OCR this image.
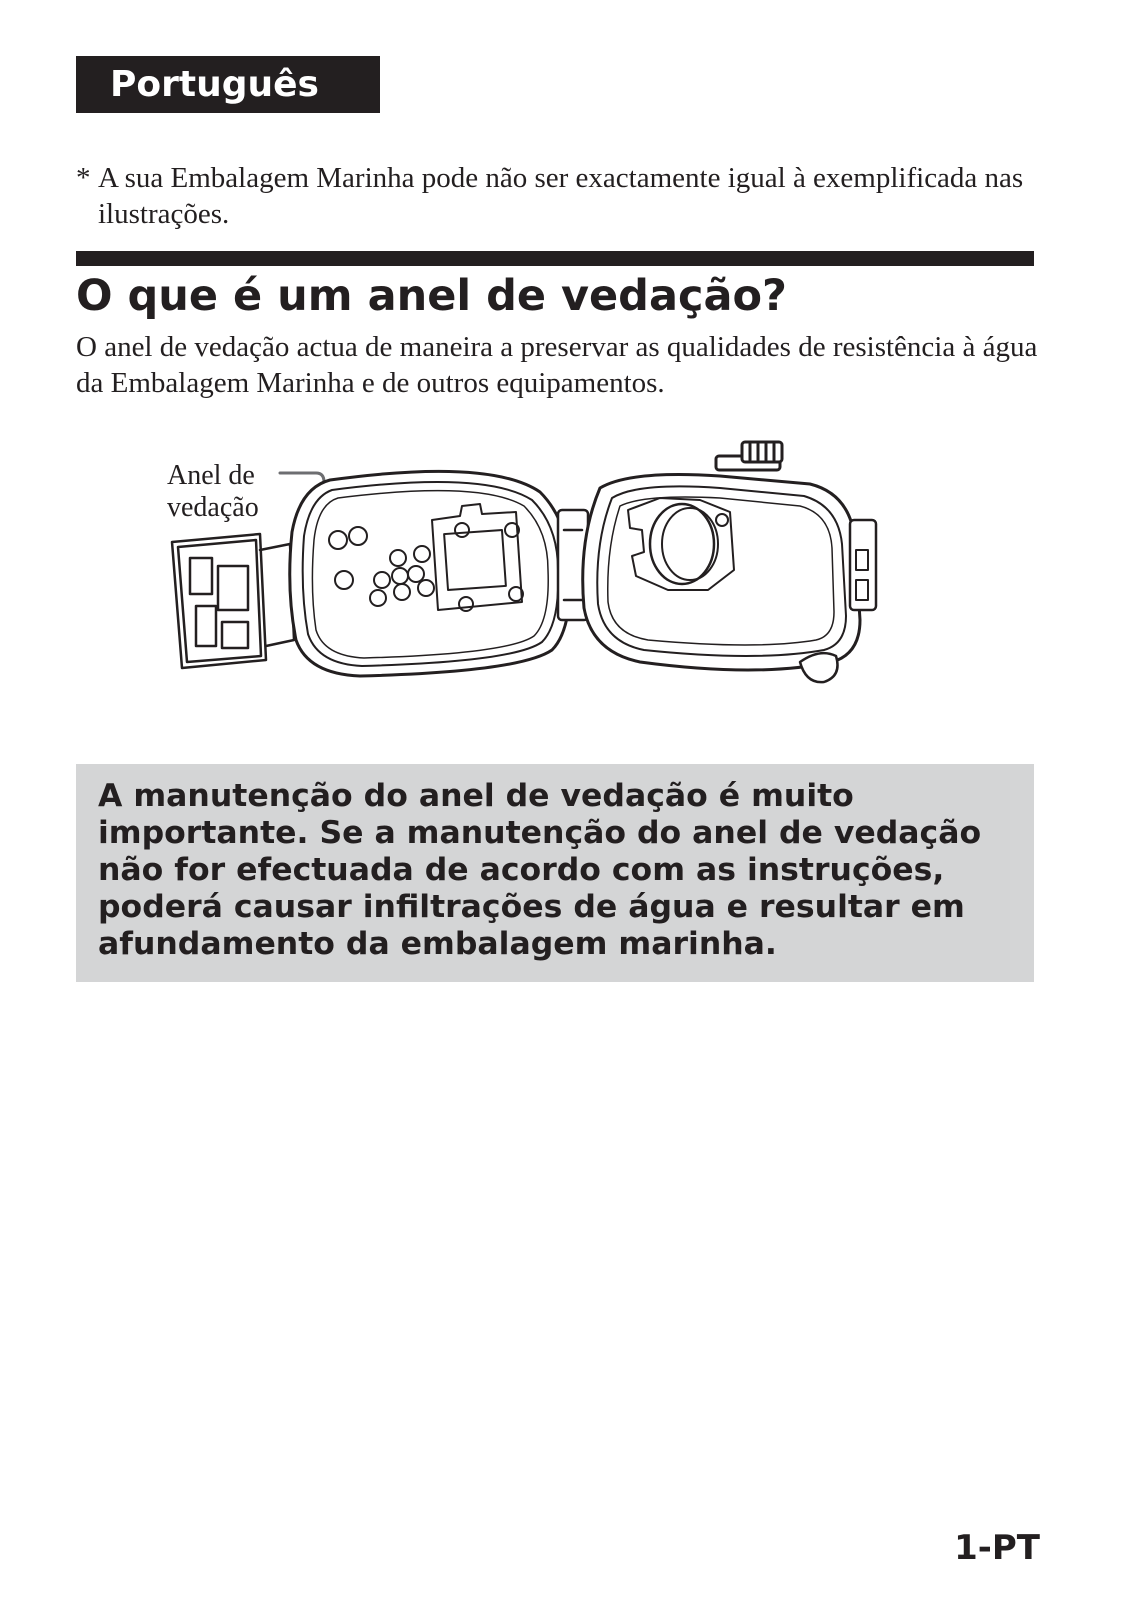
Português
* A sua Embalagem Marinha pode não ser exactamente igual à exemplificada nas ilustrações.
O que é um anel de vedação?
O anel de vedação actua de maneira a preservar as qualidades de resistência à água da Embalagem Marinha e de outros equipamentos.
Anel de
vedação
A manutenção do anel de vedação é muito importante. Se a manutenção do anel de vedação não for efectuada de acordo com as instruções, poderá causar infiltrações de água e resultar em afundamento da embalagem marinha.
1-PT
